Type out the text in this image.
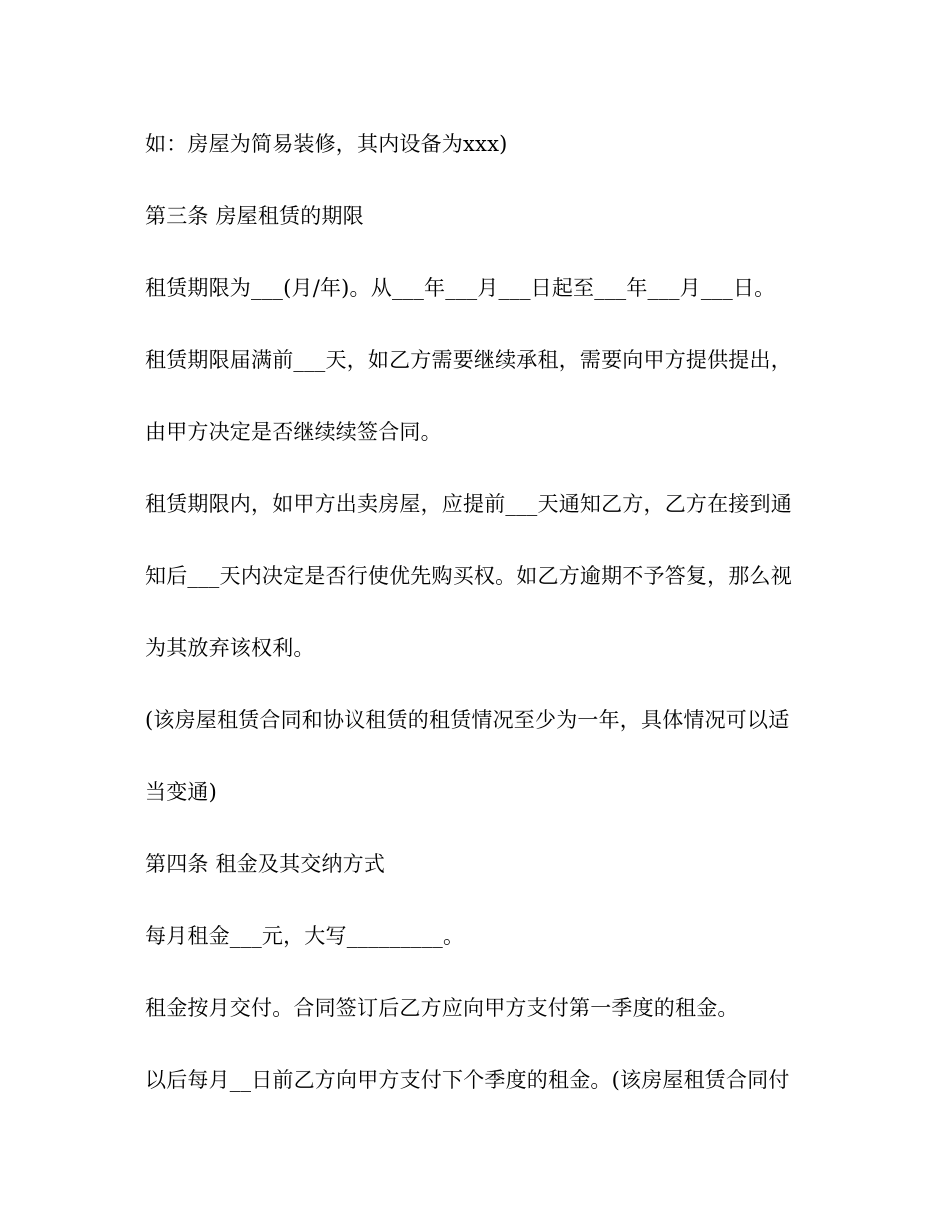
如：房屋为简易装修，其内设备为xxx)
第三条 房屋租赁的期限
租赁期限为___(月/年)。从___年___月___日起至___年___月___日。
租赁期限届满前___天，如乙方需要继续承租，需要向甲方提供提出，
由甲方决定是否继续续签合同。
租赁期限内，如甲方出卖房屋，应提前___天通知乙方，乙方在接到通
知后___天内决定是否行使优先购买权。如乙方逾期不予答复，那么视
为其放弃该权利。
(该房屋租赁合同和协议租赁的租赁情况至少为一年，具体情况可以适
当变通)
第四条 租金及其交纳方式
每月租金___元，大写_________。
租金按月交付。合同签订后乙方应向甲方支付第一季度的租金。
以后每月__日前乙方向甲方支付下个季度的租金。(该房屋租赁合同付
